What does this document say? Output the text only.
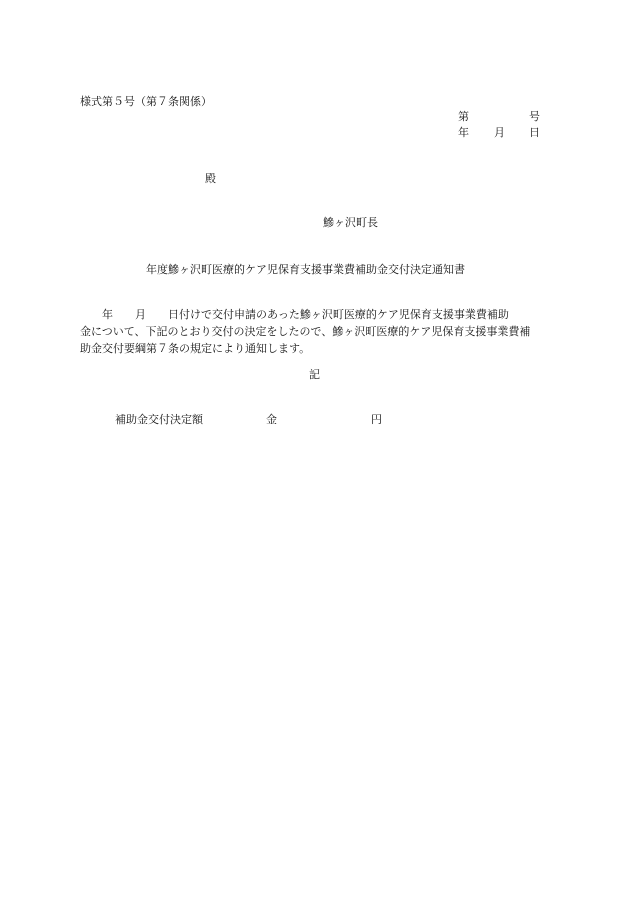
様式第５号（第７条関係）
第	号
年 月 日
殿
鰺ヶ沢町長
年度鰺ヶ沢町医療的ケア児保育支援事業費補助金交付決定通知書
　　年　　月　　日付けで交付申請のあった鰺ヶ沢町医療的ケア児保育支援事業費補助
金について、下記のとおり交付の決定をしたので、鰺ヶ沢町医療的ケア児保育支援事業費補
助金交付要綱第７条の規定により通知します。
記
補助金交付決定額	金	円
